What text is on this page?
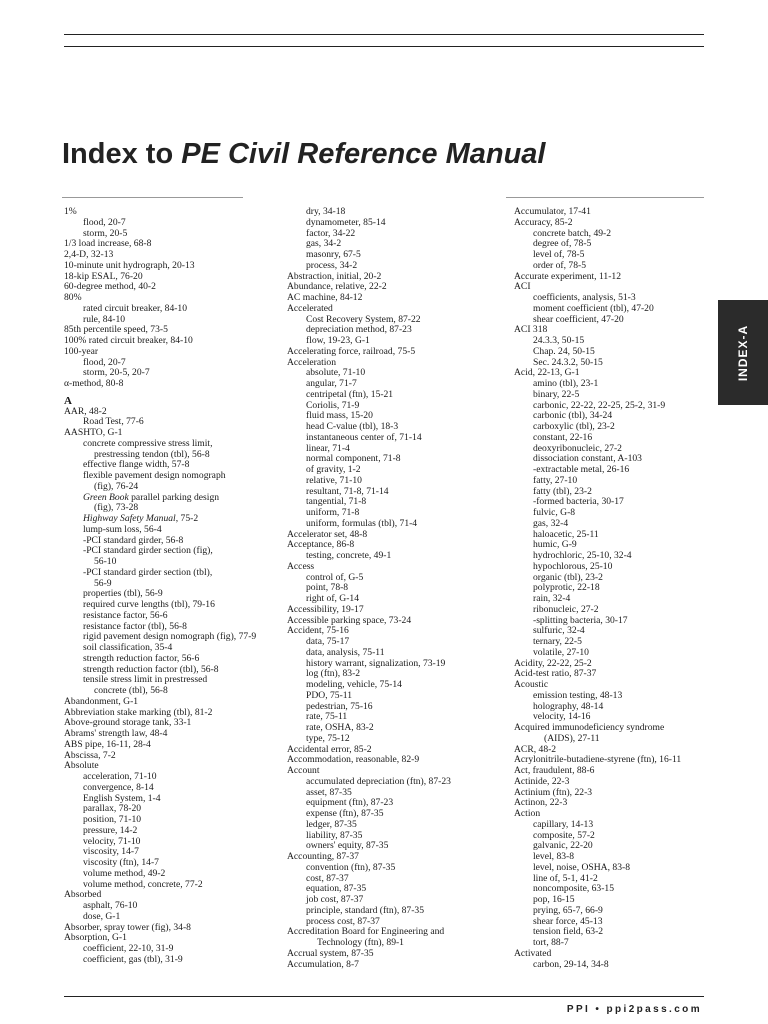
Index to PE Civil Reference Manual
1%
flood, 20-7
storm, 20-5
1/3 load increase, 68-8
2,4-D, 32-13
10-minute unit hydrograph, 20-13
18-kip ESAL, 76-20
60-degree method, 40-2
80%
rated circuit breaker, 84-10
rule, 84-10
85th percentile speed, 73-5
100% rated circuit breaker, 84-10
100-year
flood, 20-7
storm, 20-5, 20-7
α-method, 80-8
A
AAR, 48-2
Road Test, 77-6
AASHTO, G-1
concrete compressive stress limit,
prestressing tendon (tbl), 56-8
effective flange width, 57-8
flexible pavement design nomograph
(fig), 76-24
Green Book parallel parking design
(fig), 73-28
Highway Safety Manual, 75-2
lump-sum loss, 56-4
-PCI standard girder, 56-8
-PCI standard girder section (fig),
56-10
-PCI standard girder section (tbl),
56-9
properties (tbl), 56-9
required curve lengths (tbl), 79-16
resistance factor, 56-6
resistance factor (tbl), 56-8
rigid pavement design nomograph (fig), 77-9
soil classification, 35-4
strength reduction factor, 56-6
strength reduction factor (tbl), 56-8
tensile stress limit in prestressed
concrete (tbl), 56-8
Abandonment, G-1
Abbreviation stake marking (tbl), 81-2
Above-ground storage tank, 33-1
Abrams' strength law, 48-4
ABS pipe, 16-11, 28-4
Abscissa, 7-2
Absolute
acceleration, 71-10
convergence, 8-14
English System, 1-4
parallax, 78-20
position, 71-10
pressure, 14-2
velocity, 71-10
viscosity, 14-7
viscosity (ftn), 14-7
volume method, 49-2
volume method, concrete, 77-2
Absorbed
asphalt, 76-10
dose, G-1
Absorber, spray tower (fig), 34-8
Absorption, G-1
coefficient, 22-10, 31-9
coefficient, gas (tbl), 31-9
dry, 34-18
dynamometer, 85-14
factor, 34-22
gas, 34-2
masonry, 67-5
process, 34-2
Abstraction, initial, 20-2
Abundance, relative, 22-2
AC machine, 84-12
Accelerated
Cost Recovery System, 87-22
depreciation method, 87-23
flow, 19-23, G-1
Accelerating force, railroad, 75-5
Acceleration
absolute, 71-10
angular, 71-7
centripetal (ftn), 15-21
Coriolis, 71-9
fluid mass, 15-20
head C-value (tbl), 18-3
instantaneous center of, 71-14
linear, 71-4
normal component, 71-8
of gravity, 1-2
relative, 71-10
resultant, 71-8, 71-14
tangential, 71-8
uniform, 71-8
uniform, formulas (tbl), 71-4
Accelerator set, 48-8
Acceptance, 86-8
testing, concrete, 49-1
Access
control of, G-5
point, 78-8
right of, G-14
Accessibility, 19-17
Accessible parking space, 73-24
Accident, 75-16
data, 75-17
data, analysis, 75-11
history warrant, signalization, 73-19
log (ftn), 83-2
modeling, vehicle, 75-14
PDO, 75-11
pedestrian, 75-16
rate, 75-11
rate, OSHA, 83-2
type, 75-12
Accidental error, 85-2
Accommodation, reasonable, 82-9
Account
accumulated depreciation (ftn), 87-23
asset, 87-35
equipment (ftn), 87-23
expense (ftn), 87-35
ledger, 87-35
liability, 87-35
owners' equity, 87-35
Accounting, 87-37
convention (ftn), 87-35
cost, 87-37
equation, 87-35
job cost, 87-37
principle, standard (ftn), 87-35
process cost, 87-37
Accreditation Board for Engineering and
Technology (ftn), 89-1
Accrual system, 87-35
Accumulation, 8-7
Accumulator, 17-41
Accuracy, 85-2
concrete batch, 49-2
degree of, 78-5
level of, 78-5
order of, 78-5
Accurate experiment, 11-12
ACI
coefficients, analysis, 51-3
moment coefficient (tbl), 47-20
shear coefficient, 47-20
ACI 318
24.3.3, 50-15
Chap. 24, 50-15
Sec. 24.3.2, 50-15
Acid, 22-13, G-1
amino (tbl), 23-1
binary, 22-5
carbonic, 22-22, 22-25, 25-2, 31-9
carbonic (tbl), 34-24
carboxylic (tbl), 23-2
constant, 22-16
deoxyribonucleic, 27-2
dissociation constant, A-103
-extractable metal, 26-16
fatty, 27-10
fatty (tbl), 23-2
-formed bacteria, 30-17
fulvic, G-8
gas, 32-4
haloacetic, 25-11
humic, G-9
hydrochloric, 25-10, 32-4
hypochlorous, 25-10
organic (tbl), 23-2
polyprotic, 22-18
rain, 32-4
ribonucleic, 27-2
-splitting bacteria, 30-17
sulfuric, 32-4
ternary, 22-5
volatile, 27-10
Acidity, 22-22, 25-2
Acid-test ratio, 87-37
Acoustic
emission testing, 48-13
holography, 48-14
velocity, 14-16
Acquired immunodeficiency syndrome
(AIDS), 27-11
ACR, 48-2
Acrylonitrile-butadiene-styrene (ftn), 16-11
Act, fraudulent, 88-6
Actinide, 22-3
Actinium (ftn), 22-3
Actinon, 22-3
Action
capillary, 14-13
composite, 57-2
galvanic, 22-20
level, 83-8
level, noise, OSHA, 83-8
line of, 5-1, 41-2
noncomposite, 63-15
pop, 16-15
prying, 65-7, 66-9
shear force, 45-13
tension field, 63-2
tort, 88-7
Activated
carbon, 29-14, 34-8
INDEX-A
PPI • ppi2pass.com
